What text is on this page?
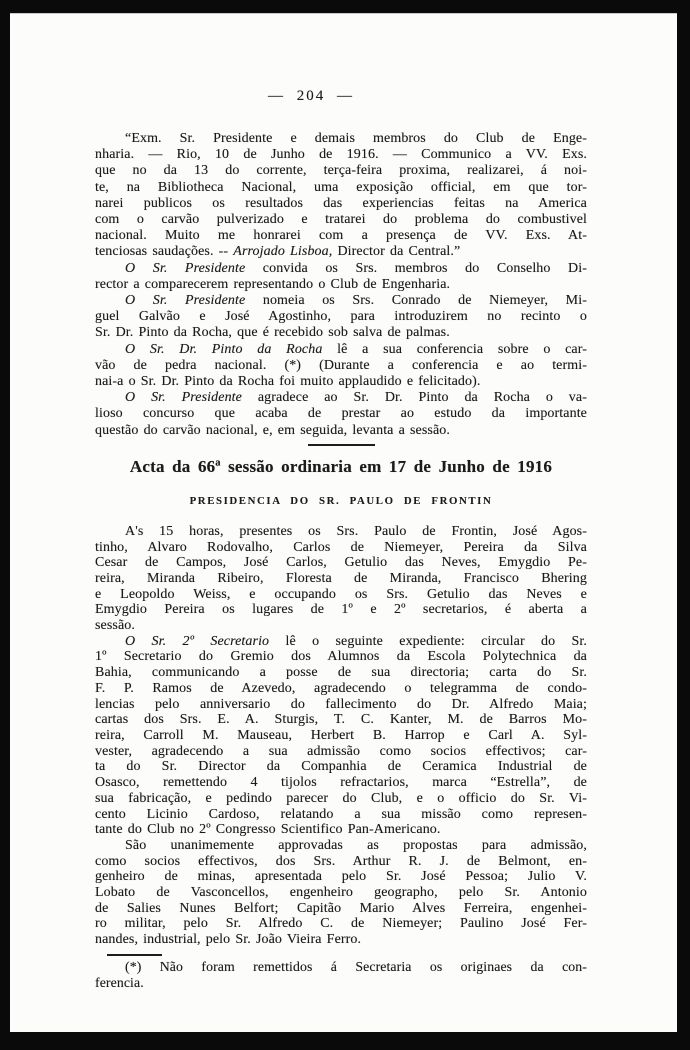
— 204 —
“Exm. Sr. Presidente e demais membros do Club de Enge-
nharia. — Rio, 10 de Junho de 1916. — Communico a VV. Exs.
que no da 13 do corrente, terça-feira proxima, realizarei, á noi-
te, na Bibliotheca Nacional, uma exposição official, em que tor-
narei publicos os resultados das experiencias feitas na America
com o carvão pulverizado e tratarei do problema do combustivel
nacional. Muito me honrarei com a presença de VV. Exs. At-
tenciosas saudações. -- Arrojado Lisboa, Director da Central.”
O Sr. Presidente convida os Srs. membros do Conselho Di-
rector a comparecerem representando o Club de Engenharia.
O Sr. Presidente nomeia os Srs. Conrado de Niemeyer, Mi-
guel Galvão e José Agostinho, para introduzirem no recinto o
Sr. Dr. Pinto da Rocha, que é recebido sob salva de palmas.
O Sr. Dr. Pinto da Rocha lê a sua conferencia sobre o car-
vão de pedra nacional. (*) (Durante a conferencia e ao termi-
nai-a o Sr. Dr. Pinto da Rocha foi muito applaudido e felicitado).
O Sr. Presidente agradece ao Sr. Dr. Pinto da Rocha o va-
lioso concurso que acaba de prestar ao estudo da importante
questão do carvão nacional, e, em seguida, levanta a sessão.
Acta da 66ª sessão ordinaria em 17 de Junho de 1916
PRESIDENCIA DO SR. PAULO DE FRONTIN
A's 15 horas, presentes os Srs. Paulo de Frontin, José Agos-
tinho, Alvaro Rodovalho, Carlos de Niemeyer, Pereira da Silva
Cesar de Campos, José Carlos, Getulio das Neves, Emygdio Pe-
reira, Miranda Ribeiro, Floresta de Miranda, Francisco Bhering
e Leopoldo Weiss, e occupando os Srs. Getulio das Neves e
Emygdio Pereira os lugares de 1º e 2º secretarios, é aberta a
sessão.
O Sr. 2º Secretario lê o seguinte expediente: circular do Sr.
1º Secretario do Gremio dos Alumnos da Escola Polytechnica da
Bahia, communicando a posse de sua directoria; carta do Sr.
F. P. Ramos de Azevedo, agradecendo o telegramma de condo-
lencias pelo anniversario do fallecimento do Dr. Alfredo Maia;
cartas dos Srs. E. A. Sturgis, T. C. Kanter, M. de Barros Mo-
reira, Carroll M. Mauseau, Herbert B. Harrop e Carl A. Syl-
vester, agradecendo a sua admissão como socios effectivos; car-
ta do Sr. Director da Companhia de Ceramica Industrial de
Osasco, remettendo 4 tijolos refractarios, marca “Estrella”, de
sua fabricação, e pedindo parecer do Club, e o officio do Sr. Vi-
cento Licinio Cardoso, relatando a sua missão como represen-
tante do Club no 2º Congresso Scientifico Pan-Americano.
São unanimemente approvadas as propostas para admissão,
como socios effectivos, dos Srs. Arthur R. J. de Belmont, en-
genheiro de minas, apresentada pelo Sr. José Pessoa; Julio V.
Lobato de Vasconcellos, engenheiro geographo, pelo Sr. Antonio
de Salies Nunes Belfort; Capitão Mario Alves Ferreira, engenhei-
ro militar, pelo Sr. Alfredo C. de Niemeyer; Paulino José Fer-
nandes, industrial, pelo Sr. João Vieira Ferro.
(*) Não foram remettidos á Secretaria os originaes da con-
ferencia.
